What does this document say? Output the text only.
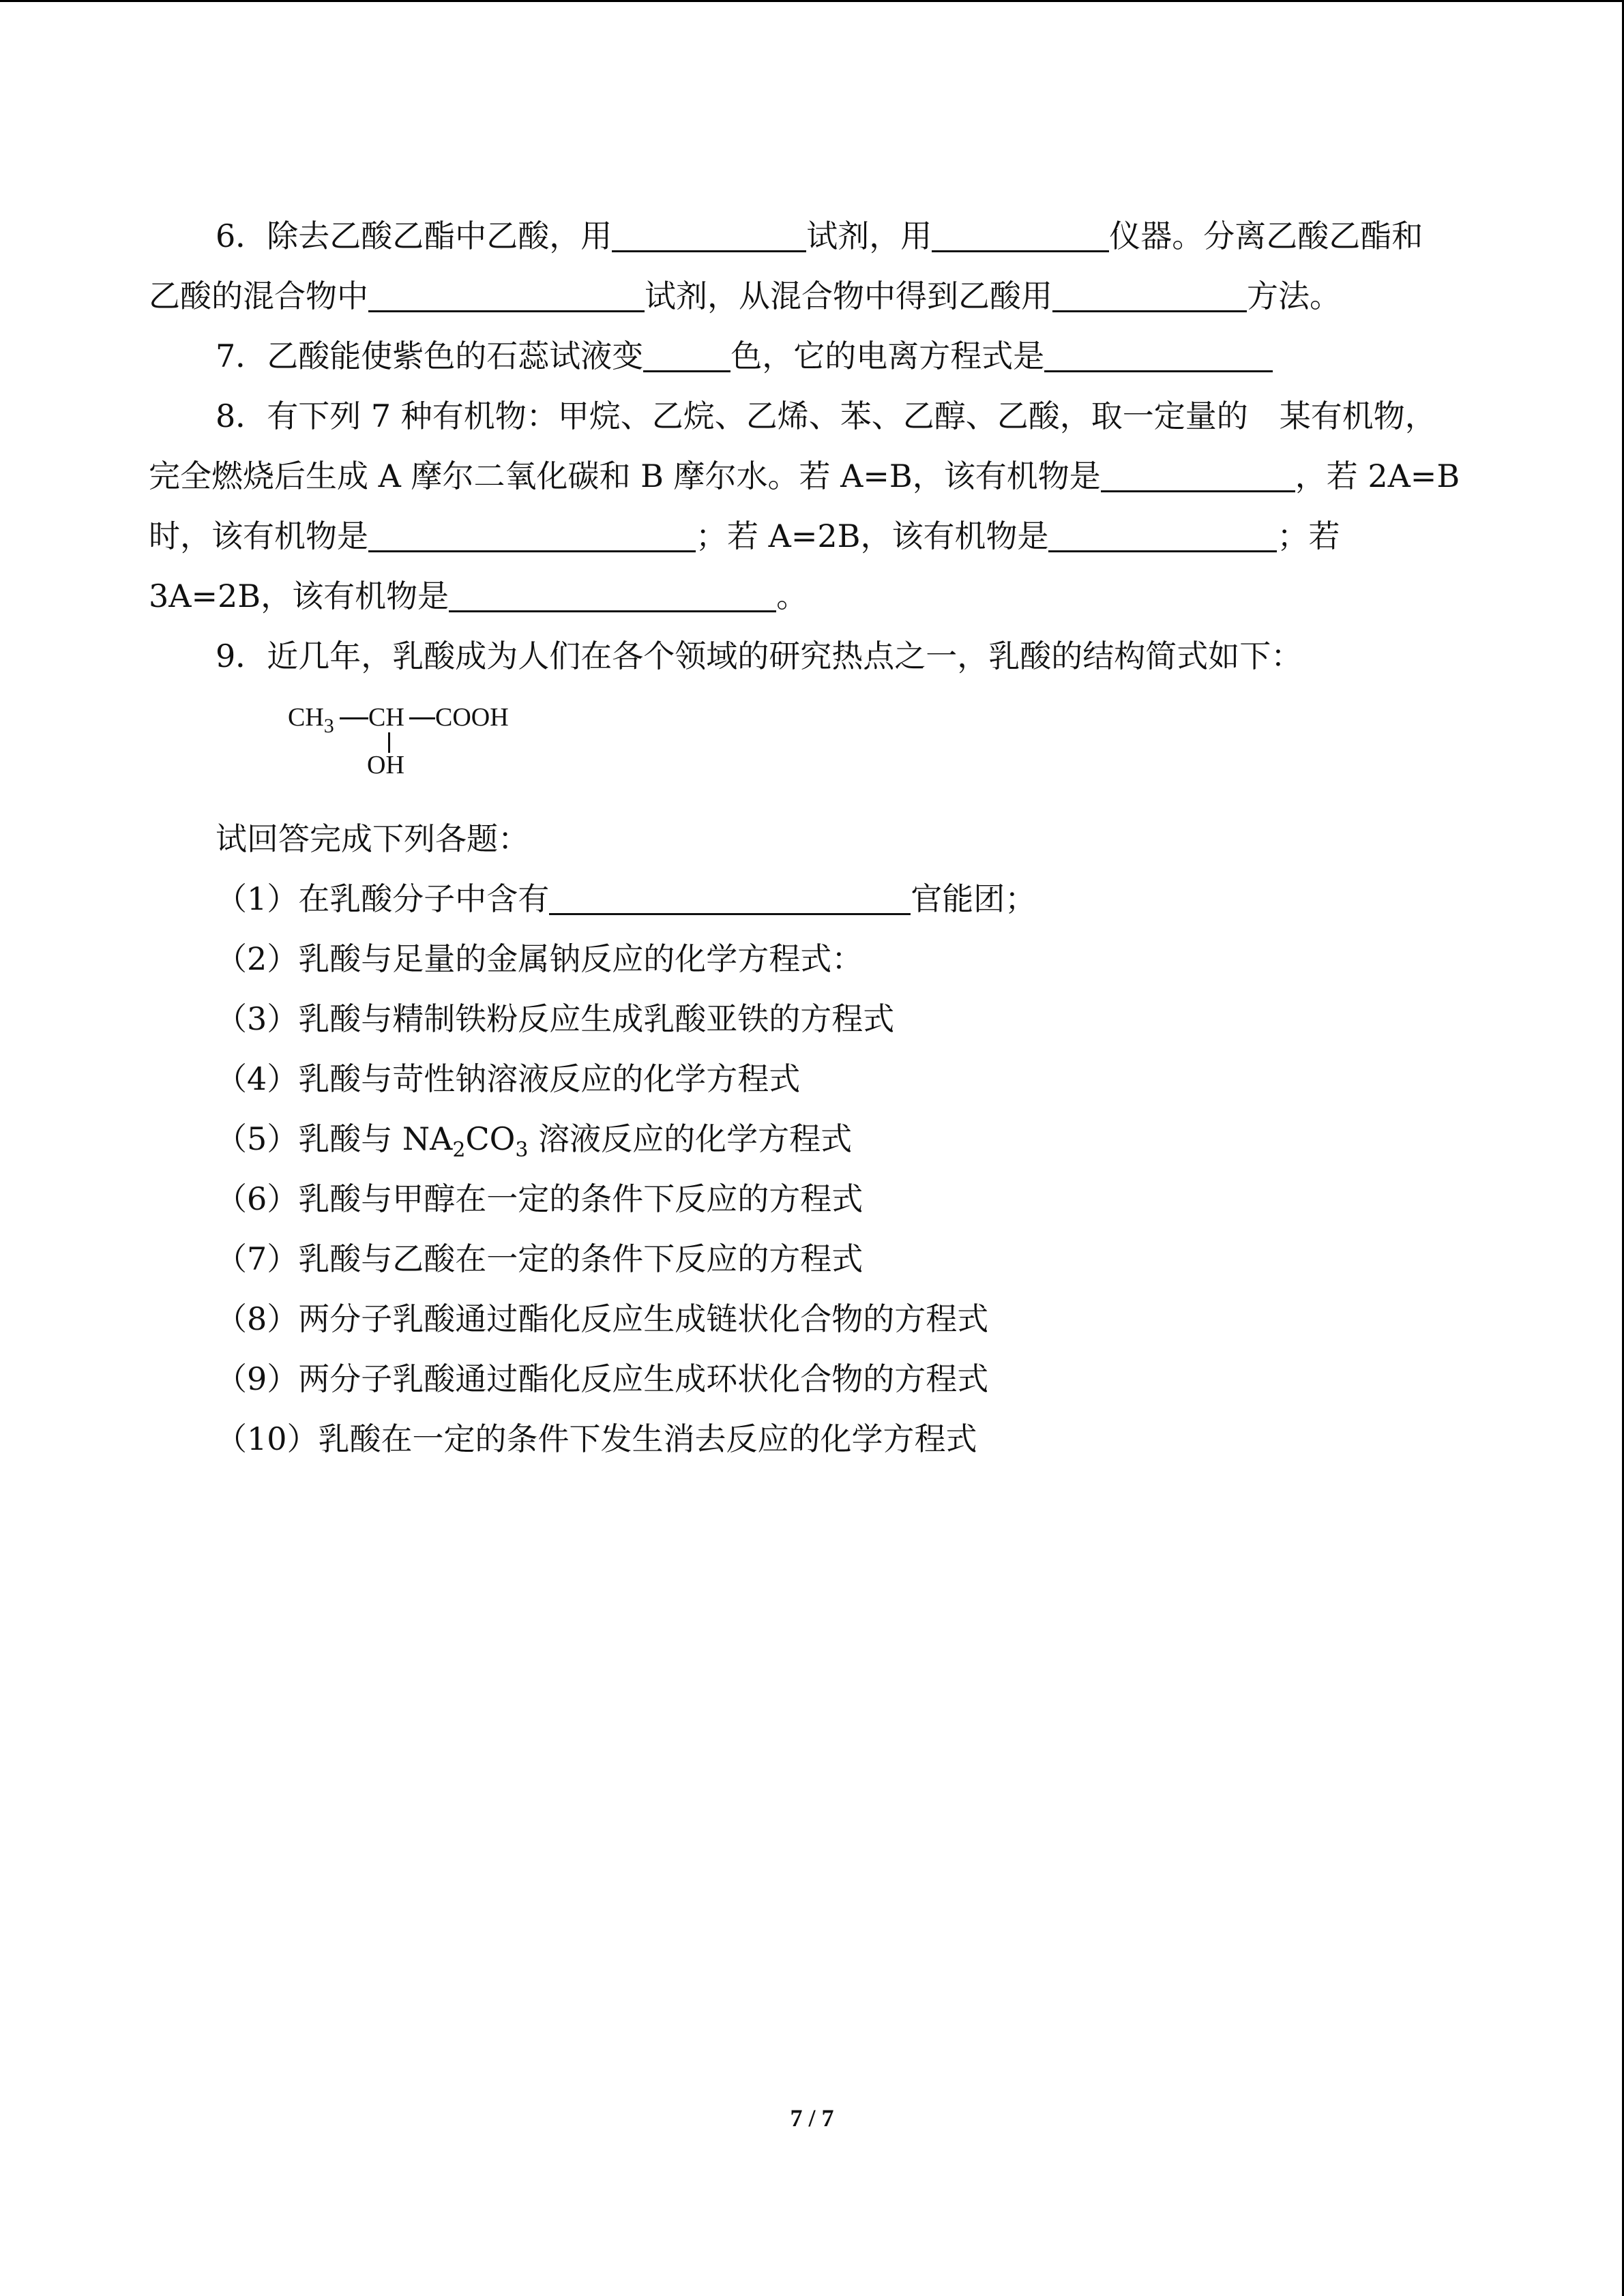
6．除去乙酸乙酯中乙酸，用	试剂，用	仪器。分离乙酸乙酯和
乙酸的混合物中	试剂，从混合物中得到乙酸用	方法。
7．乙酸能使紫色的石蕊试液变	色，它的电离方程式是
8．有下列 7 种有机物：甲烷、乙烷、乙烯、苯、乙醇、乙酸，取一定量的　某有机物，
完全燃烧后生成 A 摩尔二氧化碳和 B 摩尔水。若 A=B，该有机物是	，若 2A=B
时，该有机物是	；若 A=2B，该有机物是	；若
3A=2B，该有机物是	。
9．近几年，乳酸成为人们在各个领域的研究热点之一，乳酸的结构简式如下：
$CH_3$ CH COOH
OH
试回答完成下列各题：
（1）在乳酸分子中含有	官能团；
（2）乳酸与足量的金属钠反应的化学方程式：
（3）乳酸与精制铁粉反应生成乳酸亚铁的方程式
（4）乳酸与苛性钠溶液反应的化学方程式
（5）乳酸与 $NA_2CO_3$ 溶液反应的化学方程式
（6）乳酸与甲醇在一定的条件下反应的方程式
（7）乳酸与乙酸在一定的条件下反应的方程式
（8）两分子乳酸通过酯化反应生成链状化合物的方程式
（9）两分子乳酸通过酯化反应生成环状化合物的方程式
（10）乳酸在一定的条件下发生消去反应的化学方程式
7 / 7
